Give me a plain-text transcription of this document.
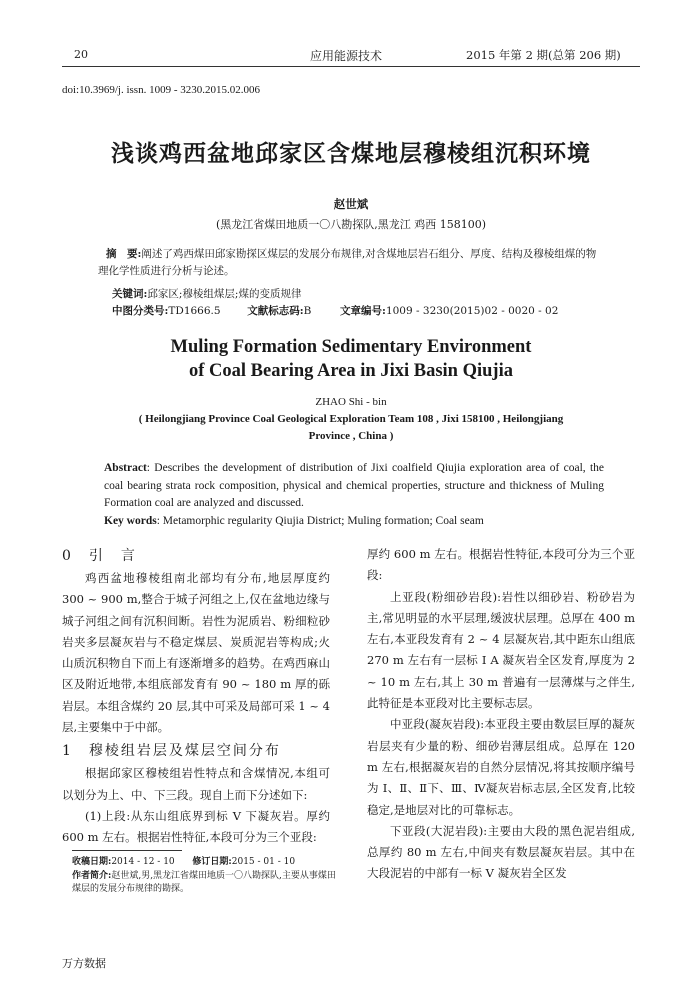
20	应用能源技术	2015 年第 2 期(总第 206 期)
doi:10.3969/j. issn. 1009 - 3230.2015.02.006
浅谈鸡西盆地邱家区含煤地层穆棱组沉积环境
赵世斌
(黑龙江省煤田地质一〇八勘探队,黑龙江 鸡西 158100)
摘　要:阐述了鸡西煤田邱家勘探区煤层的发展分布规律,对含煤地层岩石组分、厚度、结构及穆棱组煤的物理化学性质进行分析与论述。
关键词:邱家区;穆棱组煤层;煤的变质规律
中图分类号:TD1666.5	文献标志码:B	文章编号:1009 - 3230(2015)02 - 0020 - 02
Muling Formation Sedimentary Environment
of Coal Bearing Area in Jixi Basin Qiujia
ZHAO Shi - bin
( Heilongjiang Province Coal Geological Exploration Team 108 , Jixi 158100 , Heilongjiang
Province , China )
Abstract: Describes the development of distribution of Jixi coalfield Qiujia exploration area of coal, the coal bearing strata rock composition, physical and chemical properties, structure and thickness of Muling Formation coal are analyzed and discussed.
Key words: Metamorphic regularity Qiujia District; Muling formation; Coal seam

0　引　言

鸡西盆地穆棱组南北部均有分布,地层厚度约 300 ~ 900 m,整合于城子河组之上,仅在盆地边缘与城子河组之间有沉积间断。岩性为泥质岩、粉细粒砂岩夹多层凝灰岩与不稳定煤层、炭质泥岩等构成;火山质沉积物自下而上有逐渐增多的趋势。在鸡西麻山区及附近地带,本组底部发育有 90 ~ 180 m 厚的砾岩层。本组含煤约 20 层,其中可采及局部可采 1 ~ 4 层,主要集中于中部。

1　穆棱组岩层及煤层空间分布

根据邱家区穆棱组岩性特点和含煤情况,本组可以划分为上、中、下三段。现自上而下分述如下:

(1)上段:从东山组底界到标 V 下凝灰岩。厚约 600 m 左右。根据岩性特征,本段可分为三个亚段:

收稿日期:2014 - 12 - 10 修订日期:2015 - 01 - 10
作者简介:赵世斌,男,黑龙江省煤田地质一〇八勘探队,主要从事煤田煤层的发展分布规律的勘探。

厚约 600 m 左右。根据岩性特征,本段可分为三个亚段:

上亚段(粉细砂岩段):岩性以细砂岩、粉砂岩为主,常见明显的水平层理,缓波状层理。总厚在 400 m 左右,本亚段发育有 2 ~ 4 层凝灰岩,其中距东山组底 270 m 左右有一层标 I A 凝灰岩全区发育,厚度为 2 ~ 10 m 左右,其上 30 m 普遍有一层薄煤与之伴生,此特征是本亚段对比主要标志层。

中亚段(凝灰岩段):本亚段主要由数层巨厚的凝灰岩层夹有少量的粉、细砂岩薄层组成。总厚在 120 m 左右,根据凝灰岩的自然分层情况,将其按顺序编号为 Ⅰ、Ⅱ、Ⅱ下、Ⅲ、Ⅳ凝灰岩标志层,全区发育,比较稳定,是地层对比的可靠标志。

下亚段(大泥岩段):主要由大段的黑色泥岩组成,总厚约 80 m 左右,中间夹有数层凝灰岩层。其中在大段泥岩的中部有一标 V 凝灰岩全区发

万方数据
